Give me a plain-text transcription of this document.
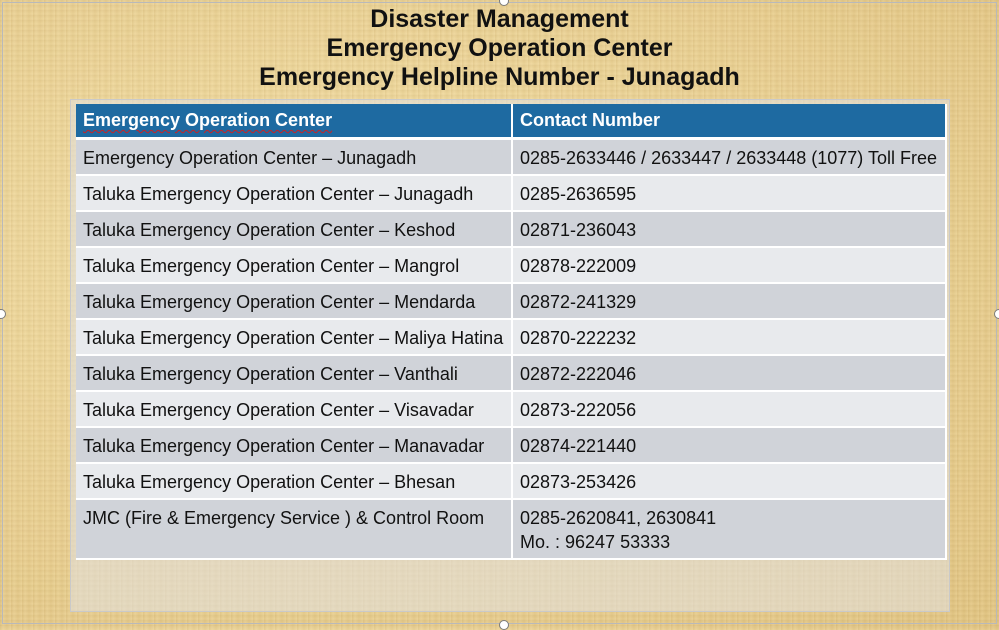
Disaster Management
Emergency Operation Center
Emergency Helpline Number - Junagadh
Emergency Operation Center	Contact Number
Emergency Operation Center – Junagadh	0285-2633446 / 2633447 / 2633448 (1077) Toll Free
Taluka Emergency Operation Center – Junagadh	0285-2636595
Taluka Emergency Operation Center – Keshod	02871-236043
Taluka Emergency Operation Center – Mangrol	02878-222009
Taluka Emergency Operation Center – Mendarda	02872-241329
Taluka Emergency Operation Center – Maliya Hatina	02870-222232
Taluka Emergency Operation Center – Vanthali	02872-222046
Taluka Emergency Operation Center – Visavadar	02873-222056
Taluka Emergency Operation Center – Manavadar	02874-221440
Taluka Emergency Operation Center – Bhesan	02873-253426
JMC (Fire & Emergency Service ) & Control Room	0285-2620841, 2630841
Mo. : 96247 53333
